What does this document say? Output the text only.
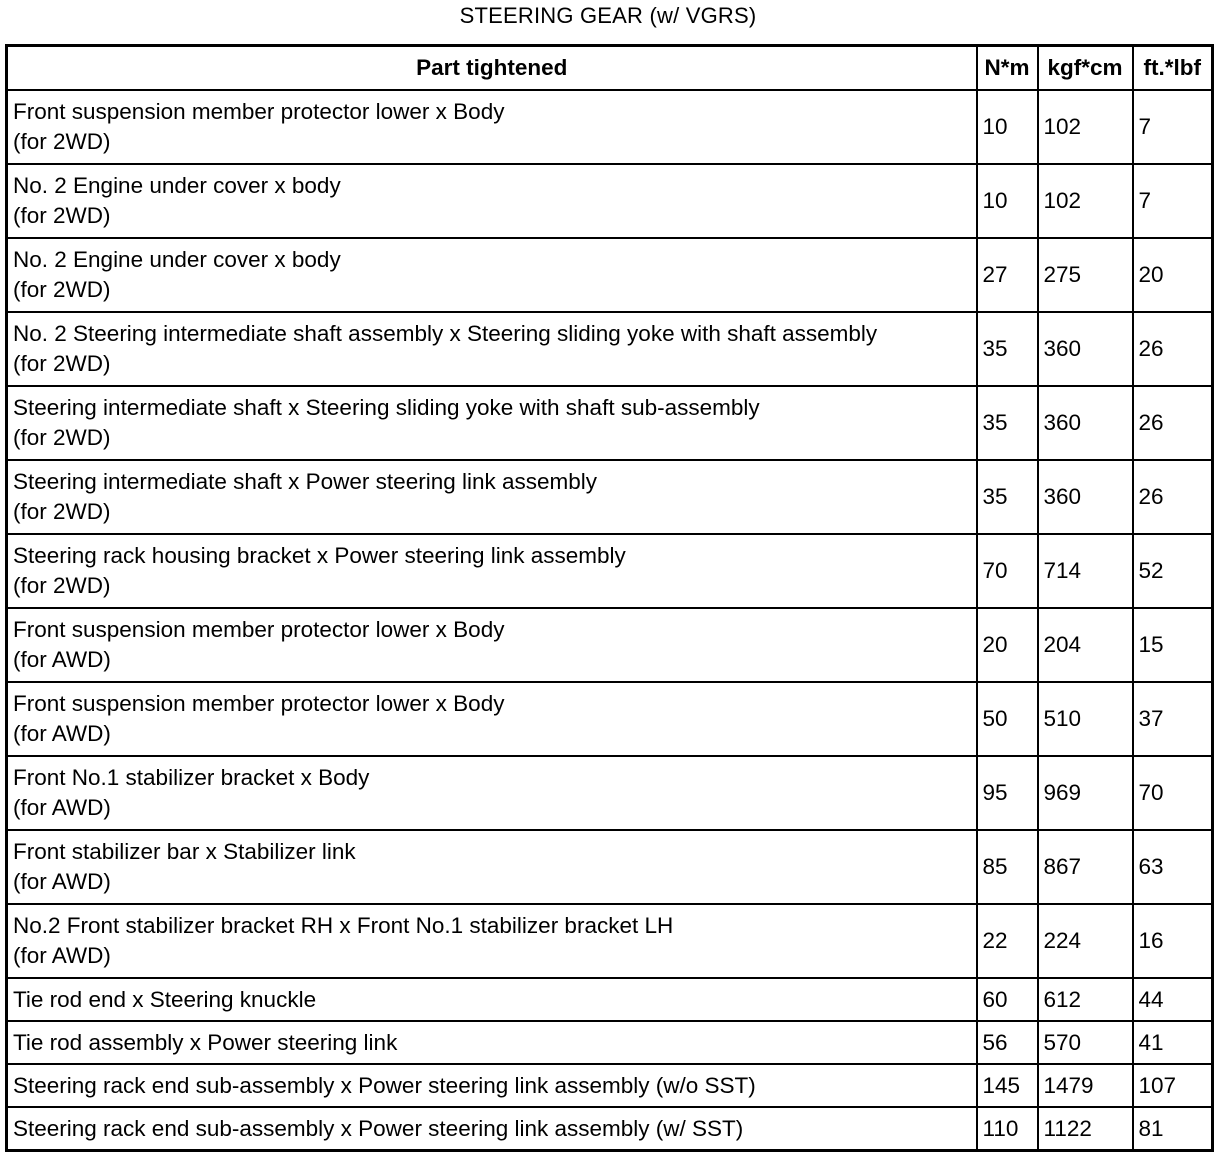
STEERING GEAR (w/ VGRS)
Part tightened	N*m	kgf*cm	ft.*lbf
Front suspension member protector lower x Body
(for 2WD)	10	102	7
No. 2 Engine under cover x body
(for 2WD)	10	102	7
No. 2 Engine under cover x body
(for 2WD)	27	275	20
No. 2 Steering intermediate shaft assembly x Steering sliding yoke with shaft assembly
(for 2WD)	35	360	26
Steering intermediate shaft x Steering sliding yoke with shaft sub-assembly
(for 2WD)	35	360	26
Steering intermediate shaft x Power steering link assembly
(for 2WD)	35	360	26
Steering rack housing bracket x Power steering link assembly
(for 2WD)	70	714	52
Front suspension member protector lower x Body
(for AWD)	20	204	15
Front suspension member protector lower x Body
(for AWD)	50	510	37
Front No.1 stabilizer bracket x Body
(for AWD)	95	969	70
Front stabilizer bar x Stabilizer link
(for AWD)	85	867	63
No.2 Front stabilizer bracket RH x Front No.1 stabilizer bracket LH
(for AWD)	22	224	16
Tie rod end x Steering knuckle	60	612	44
Tie rod assembly x Power steering link	56	570	41
Steering rack end sub-assembly x Power steering link assembly (w/o SST)	145	1479	107
Steering rack end sub-assembly x Power steering link assembly (w/ SST)	110	1122	81
